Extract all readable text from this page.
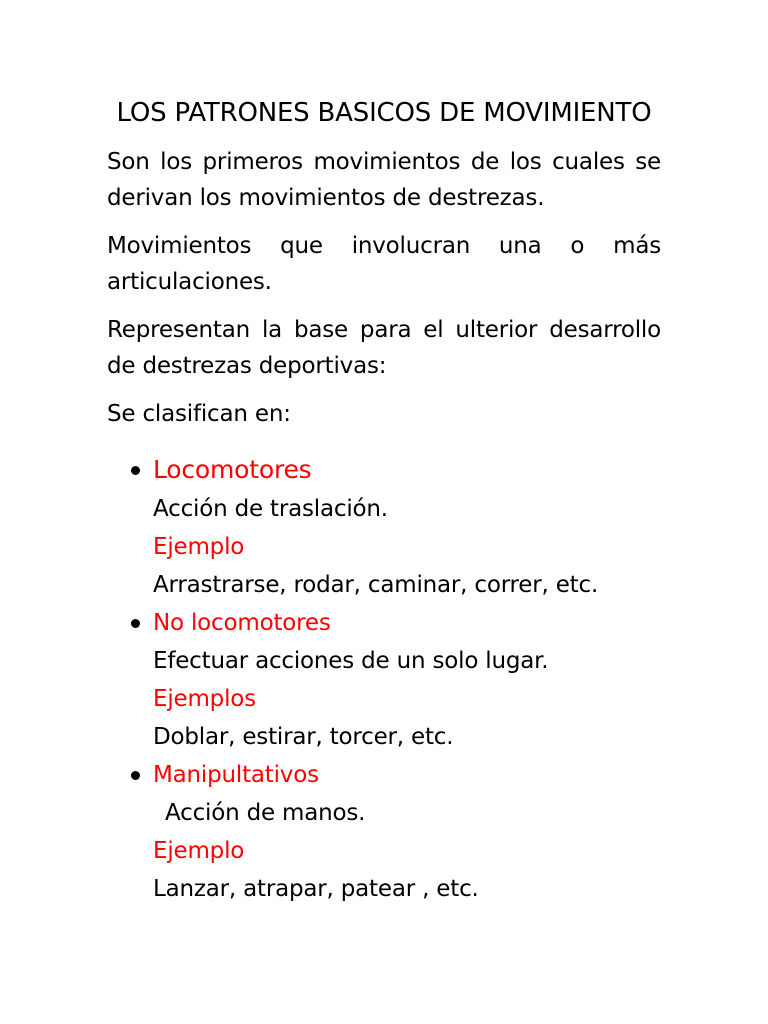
LOS PATRONES BASICOS DE MOVIMIENTO

Son los primeros movimientos de los cuales se derivan los movimientos de destrezas.

Movimientos que involucran una o más articulaciones.

Representan la base para el ulterior desarrollo de destrezas deportivas:

Se clasifican en:

Locomotores
Acción de traslación.
Ejemplo
Arrastrarse, rodar, caminar, correr, etc.
No locomotores
Efectuar acciones de un solo lugar.
Ejemplos
Doblar, estirar, torcer, etc.
Manipultativos
Acción de manos.
Ejemplo
Lanzar, atrapar, patear , etc.
